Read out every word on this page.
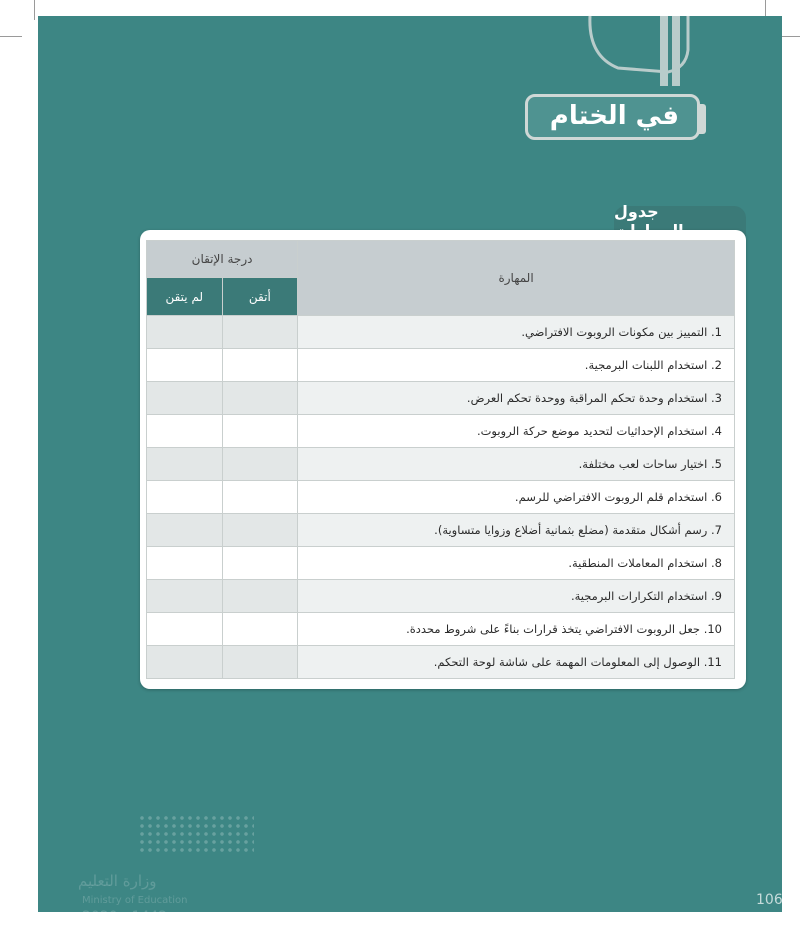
في الختام
جدول
المهارة	درجة الإتقان	
	أتقن	لم يتقن
1. التمييز بين مكونات الروبوت الافتراضي.		
2. استخدام اللبنات البرمجية.		
3. استخدام وحدة تحكم المراقبة ووحدة تحكم العرض.		
4. استخدام الإحداثيات لتحديد موضع حركة الروبوت.		
5. اختيار ساحات لعب مختلفة.		
6. استخدام قلم الروبوت الافتراضي للرسم.		
7. رسم أشكال متقدمة (مضلع بثمانية أضلاع وزوايا متساوية).		
8. استخدام المعاملات المنطقية.		
9. استخدام التكرارات البرمجية.		
10. جعل الروبوت الافتراضي يتخذ قرارات بناءً على شروط محددة.		
11. الوصول إلى المعلومات المهمة على شاشة لوحة التحكم.		
وزارة التعليم
Ministry of Education
2020 - 1442
106
